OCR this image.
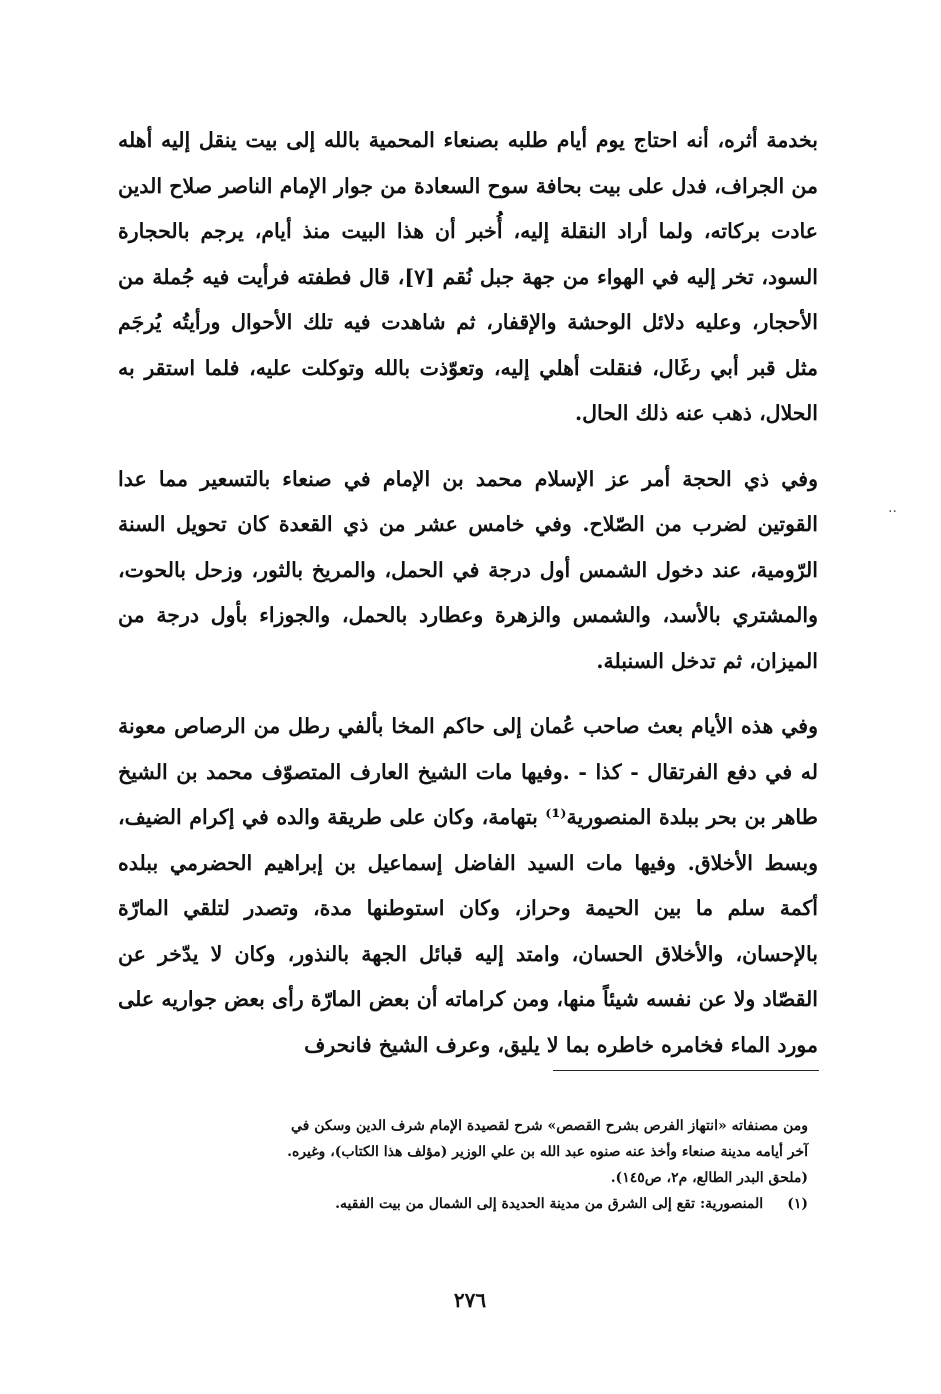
بخدمة أثره، أنه احتاج يوم أيام طلبه بصنعاء المحمية بالله إلى بيت ينقل إليه أهله من الجراف، فدل على بيت بحافة سوح السعادة من جوار الإمام الناصر صلاح الدين عادت بركاته، ولما أراد النقلة إليه، أُخبر أن هذا البيت منذ أيام، يرجم بالحجارة السود، تخر إليه في الهواء من جهة جبل نُقم [٧]، قال فطفته فرأيت فيه جُملة من الأحجار، وعليه دلائل الوحشة والإقفار، ثم شاهدت فيه تلك الأحوال ورأيتُه يُرجَم مثل قبر أبي رغَال، فنقلت أهلي إليه، وتعوّذت بالله وتوكلت عليه، فلما استقر به الحلال، ذهب عنه ذلك الحال.

وفي ذي الحجة أمر عز الإسلام محمد بن الإمام في صنعاء بالتسعير مما عدا القوتين لضرب من الصّلاح. وفي خامس عشر من ذي القعدة كان تحويل السنة الرّومية، عند دخول الشمس أول درجة في الحمل، والمريخ بالثور، وزحل بالحوت، والمشتري بالأسد، والشمس والزهرة وعطارد بالحمل، والجوزاء بأول درجة من الميزان، ثم تدخل السنبلة.

وفي هذه الأيام بعث صاحب عُمان إلى حاكم المخا بألفي رطل من الرصاص معونة له في دفع الفرتقال - كذا - .وفيها مات الشيخ العارف المتصوّف محمد بن الشيخ طاهر بن بحر ببلدة المنصورية⁽¹⁾ بتهامة، وكان على طريقة والده في إكرام الضيف، وبسط الأخلاق. وفيها مات السيد الفاضل إسماعيل بن إبراهيم الحضرمي ببلده أكمة سلم ما بين الحيمة وحراز، وكان استوطنها مدة، وتصدر لتلقي المارّة بالإحسان، والأخلاق الحسان، وامتد إليه قبائل الجهة بالنذور، وكان لا يدّخر عن القصّاد ولا عن نفسه شيئاً منها، ومن كراماته أن بعض المارّة رأى بعض جواريه على مورد الماء فخامره خاطره بما لا يليق، وعرف الشيخ فانحرف

..

ومن مصنفاته «انتهاز الفرص بشرح القصص» شرح لقصيدة الإمام شرف الدين وسكن في

آخر أيامه مدينة صنعاء وأخذ عنه صنوه عبد الله بن علي الوزير (مؤلف هذا الكتاب)، وغيره.

(ملحق البدر الطالع، م٢، ص١٤٥).

(١) المنصورية: تقع إلى الشرق من مدينة الحديدة إلى الشمال من بيت الفقيه.

٢٧٦
